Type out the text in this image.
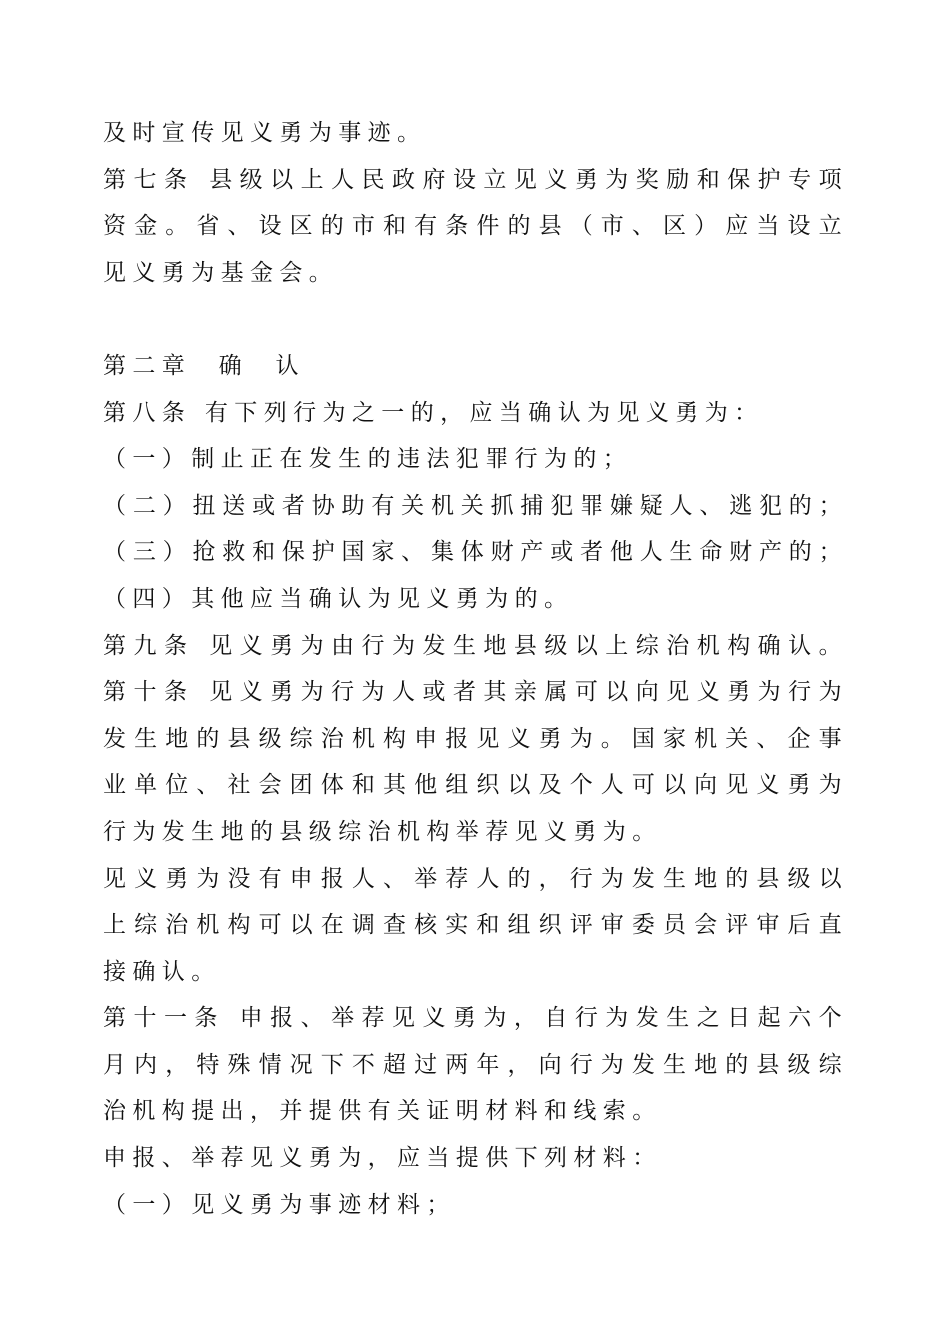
及时宣传见义勇为事迹。
第七条 县级以上人民政府设立见义勇为奖励和保护专项
资金。省、设区的市和有条件的县（市、区）应当设立
见义勇为基金会。
第二章  确  认
第八条 有下列行为之一的，应当确认为见义勇为：
（一）制止正在发生的违法犯罪行为的；
（二）扭送或者协助有关机关抓捕犯罪嫌疑人、逃犯的；
（三）抢救和保护国家、集体财产或者他人生命财产的；
（四）其他应当确认为见义勇为的。
第九条 见义勇为由行为发生地县级以上综治机构确认。
第十条 见义勇为行为人或者其亲属可以向见义勇为行为
发生地的县级综治机构申报见义勇为。国家机关、企事
业单位、社会团体和其他组织以及个人可以向见义勇为
行为发生地的县级综治机构举荐见义勇为。
见义勇为没有申报人、举荐人的，行为发生地的县级以
上综治机构可以在调查核实和组织评审委员会评审后直
接确认。
第十一条 申报、举荐见义勇为，自行为发生之日起六个
月内，特殊情况下不超过两年，向行为发生地的县级综
治机构提出，并提供有关证明材料和线索。
申报、举荐见义勇为，应当提供下列材料：
（一）见义勇为事迹材料；
